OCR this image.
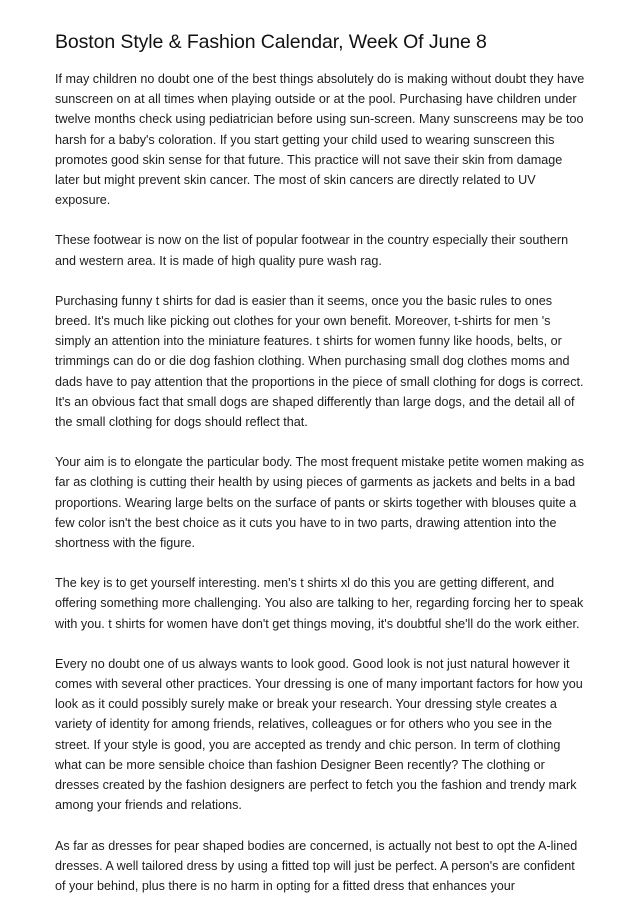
Boston Style & Fashion Calendar, Week Of June 8

If may children no doubt one of the best things absolutely do is making without doubt they have sunscreen on at all times when playing outside or at the pool. Purchasing have children under twelve months check using pediatrician before using sun-screen. Many sunscreens may be too harsh for a baby's coloration. If you start getting your child used to wearing sunscreen this promotes good skin sense for that future. This practice will not save their skin from damage later but might prevent skin cancer. The most of skin cancers are directly related to UV exposure.

These footwear is now on the list of popular footwear in the country especially their southern and western area. It is made of high quality pure wash rag.

Purchasing funny t shirts for dad is easier than it seems, once you the basic rules to ones breed. It's much like picking out clothes for your own benefit. Moreover, t-shirts for men 's simply an attention into the miniature features. t shirts for women funny like hoods, belts, or trimmings can do or die dog fashion clothing. When purchasing small dog clothes moms and dads have to pay attention that the proportions in the piece of small clothing for dogs is correct. It's an obvious fact that small dogs are shaped differently than large dogs, and the detail all of the small clothing for dogs should reflect that.

Your aim is to elongate the particular body. The most frequent mistake petite women making as far as clothing is cutting their health by using pieces of garments as jackets and belts in a bad proportions. Wearing large belts on the surface of pants or skirts together with blouses quite a few color isn't the best choice as it cuts you have to in two parts, drawing attention into the shortness with the figure.

The key is to get yourself interesting. men's t shirts xl do this you are getting different, and offering something more challenging. You also are talking to her, regarding forcing her to speak with you. t shirts for women have don't get things moving, it's doubtful she'll do the work either.

Every no doubt one of us always wants to look good. Good look is not just natural however it comes with several other practices. Your dressing is one of many important factors for how you look as it could possibly surely make or break your research. Your dressing style creates a variety of identity for among friends, relatives, colleagues or for others who you see in the street. If your style is good, you are accepted as trendy and chic person. In term of clothing what can be more sensible choice than fashion Designer Been recently? The clothing or dresses created by the fashion designers are perfect to fetch you the fashion and trendy mark among your friends and relations.

As far as dresses for pear shaped bodies are concerned, is actually not best to opt the A-lined dresses. A well tailored dress by using a fitted top will just be perfect. A person's are confident of your behind, plus there is no harm in opting for a fitted dress that enhances your
